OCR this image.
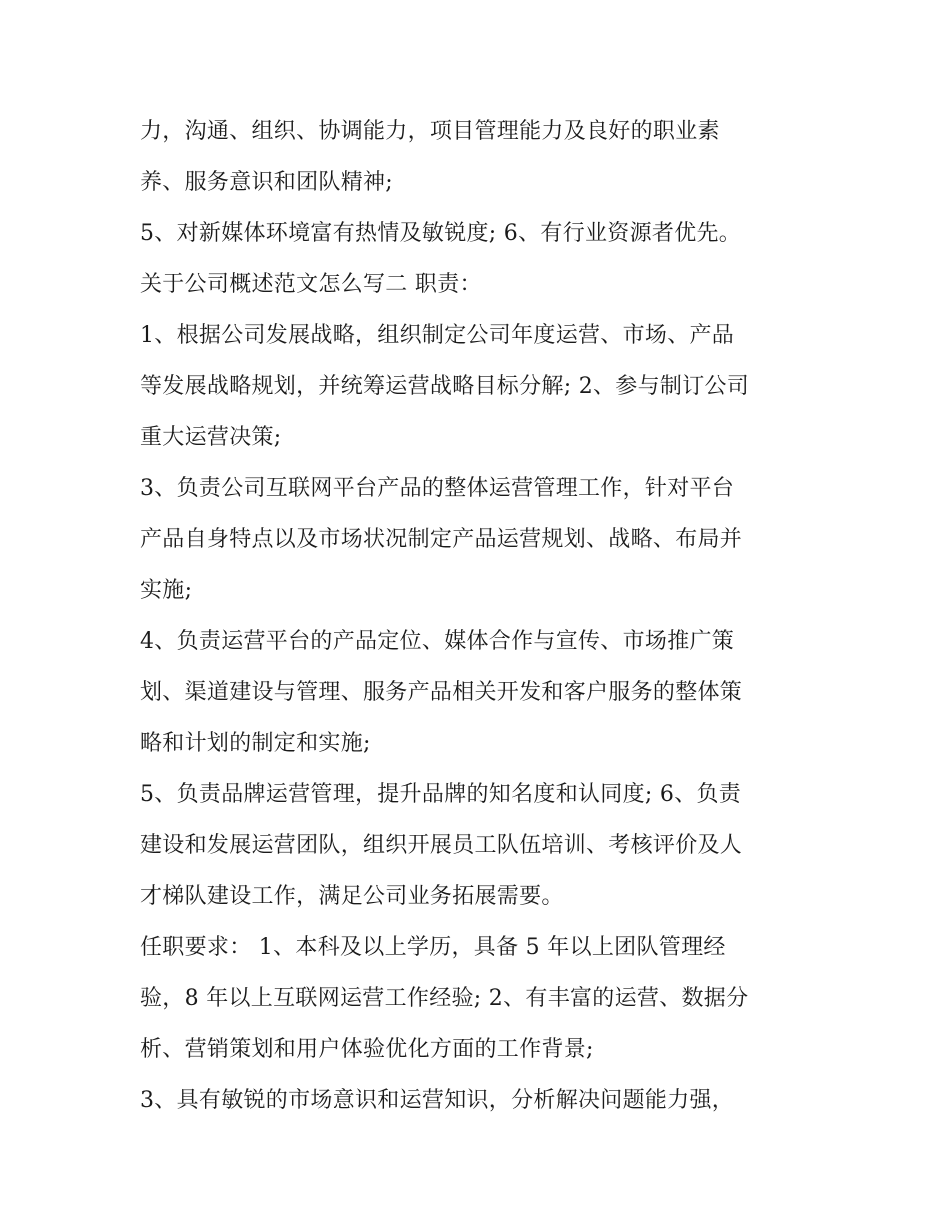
力，沟通、组织、协调能力，项目管理能力及良好的职业素
养、服务意识和团队精神;
5、对新媒体环境富有热情及敏锐度; 6、有行业资源者优先。
关于公司概述范文怎么写二 职责：
1、根据公司发展战略，组织制定公司年度运营、市场、产品
等发展战略规划，并统筹运营战略目标分解; 2、参与制订公司
重大运营决策;
3、负责公司互联网平台产品的整体运营管理工作，针对平台
产品自身特点以及市场状况制定产品运营规划、战略、布局并
实施;
4、负责运营平台的产品定位、媒体合作与宣传、市场推广策
划、渠道建设与管理、服务产品相关开发和客户服务的整体策
略和计划的制定和实施;
5、负责品牌运营管理，提升品牌的知名度和认同度; 6、负责
建设和发展运营团队，组织开展员工队伍培训、考核评价及人
才梯队建设工作，满足公司业务拓展需要。
任职要求： 1、本科及以上学历，具备 5 年以上团队管理经
验，8 年以上互联网运营工作经验; 2、有丰富的运营、数据分
析、营销策划和用户体验优化方面的工作背景;
3、具有敏锐的市场意识和运营知识，分析解决问题能力强，
